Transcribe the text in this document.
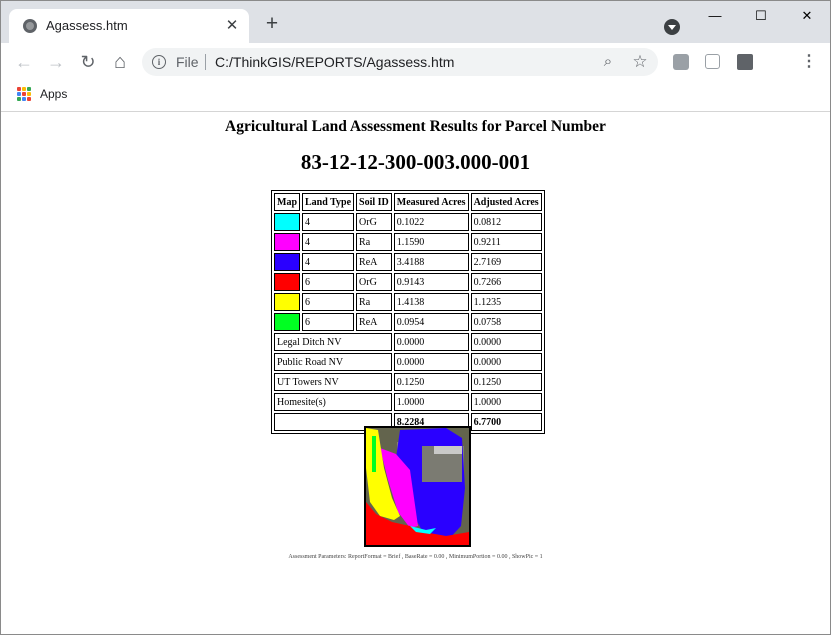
Agassess.htm	✕ +	—	☐	✕
← → ↻ ⌂	i	File C:/ThinkGIS/REPORTS/Agassess.htm	⌕	☆	⋮
Apps
Agricultural Land Assessment Results for Parcel Number
83-12-12-300-003.000-001
Map	Land Type	Soil ID	Measured Acres	Adjusted Acres
	4	OrG	0.1022	0.0812
	4	Ra	1.1590	0.9211
	4	ReA	3.4188	2.7169
	6	OrG	0.9143	0.7266
	6	Ra	1.4138	1.1235
	6	ReA	0.0954	0.0758
Legal Ditch NV			0.0000	0.0000
Public Road NV			0.0000	0.0000
UT Towers NV			0.1250	0.1250
Homesite(s)			1.0000	1.0000
			8.2284	6.7700
Assessment Parameters: ReportFormat = Brief , BaseRate = 0.00 , MinimumPortion = 0.00 , ShowPic = 1
